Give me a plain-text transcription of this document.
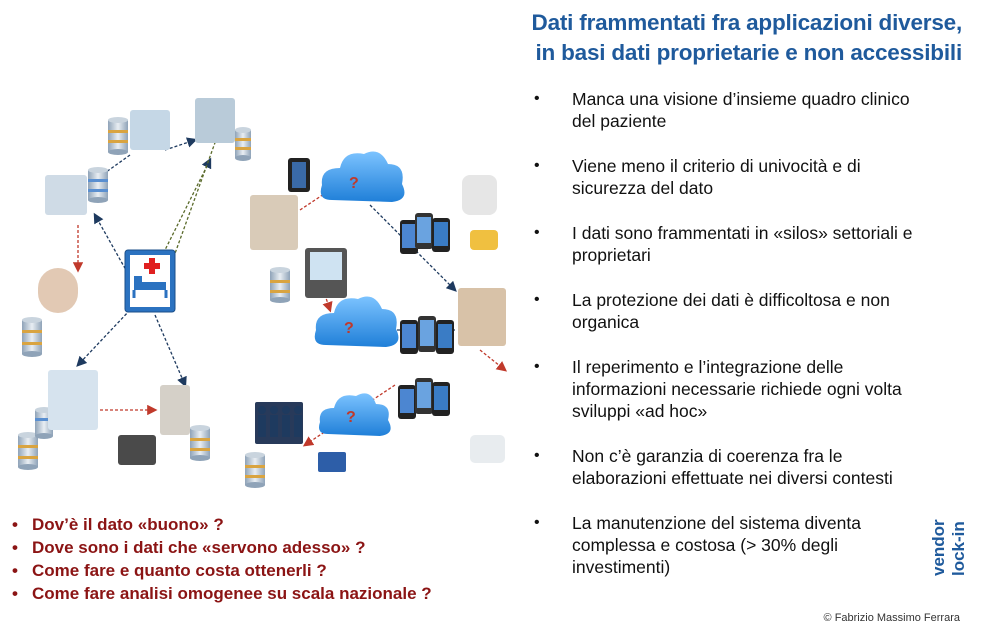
Dati frammentati fra applicazioni diverse,
in basi dati proprietarie e non accessibili
?
?
?
• Manca una visione d’insieme quadro clinico del paziente
• Viene meno il criterio di univocità e di sicurezza del dato
• I dati sono frammentati in «silos» settoriali e proprietari
• La protezione dei dati è difficoltosa e non organica
• Il reperimento e l’integrazione delle informazioni necessarie richiede ogni volta sviluppi «ad hoc»
• Non c’è garanzia di coerenza fra le elaborazioni effettuate nei diversi contesti
• La manutenzione del sistema diventa complessa e costosa (> 30% degli investimenti)
• Dov’è il dato «buono» ?
• Dove sono i dati che «servono adesso» ?
• Come fare e quanto costa ottenerli ?
• Come fare analisi omogenee su scala nazionale ?
vendor lock-in
© Fabrizio Massimo Ferrara
